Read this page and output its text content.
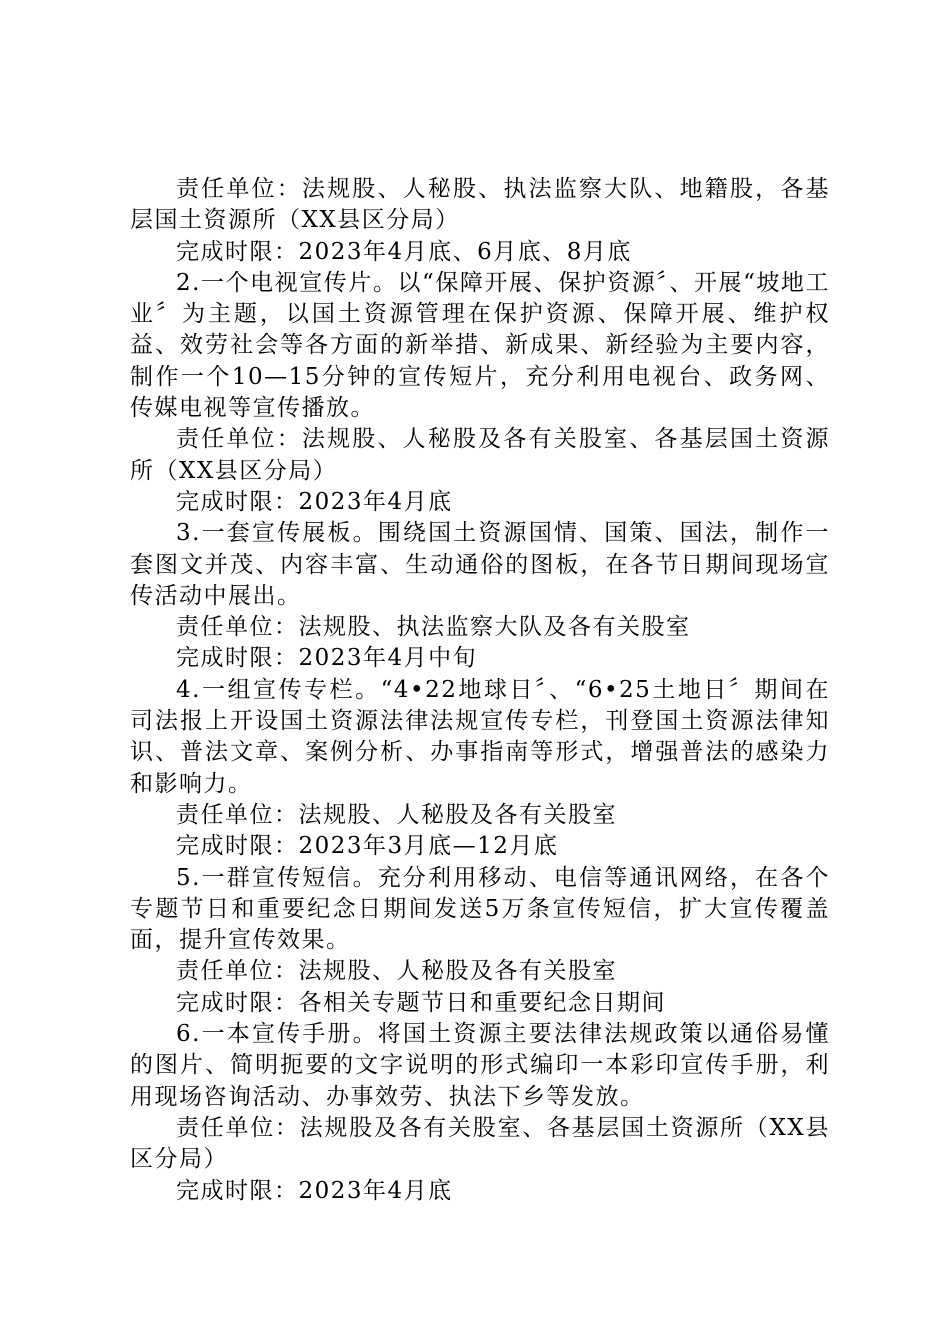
责任单位：法规股、人秘股、执法监察大队、地籍股，各基层国土资源所（XX县区分局）

完成时限：2023年4月底、6月底、8月底

2.一个电视宣传片。以“保障开展、保护资源〞、开展“坡地工业〞为主题，以国土资源管理在保护资源、保障开展、维护权益、效劳社会等各方面的新举措、新成果、新经验为主要内容，制作一个10—15分钟的宣传短片，充分利用电视台、政务网、传媒电视等宣传播放。

责任单位：法规股、人秘股及各有关股室、各基层国土资源所（XX县区分局）

完成时限：2023年4月底

3.一套宣传展板。围绕国土资源国情、国策、国法，制作一套图文并茂、内容丰富、生动通俗的图板，在各节日期间现场宣传活动中展出。

责任单位：法规股、执法监察大队及各有关股室

完成时限：2023年4月中旬

4.一组宣传专栏。“4•22地球日〞、“6•25土地日〞期间在司法报上开设国土资源法律法规宣传专栏，刊登国土资源法律知识、普法文章、案例分析、办事指南等形式，增强普法的感染力和影响力。

责任单位：法规股、人秘股及各有关股室

完成时限：2023年3月底—12月底

5.一群宣传短信。充分利用移动、电信等通讯网络，在各个专题节日和重要纪念日期间发送5万条宣传短信，扩大宣传覆盖面，提升宣传效果。

责任单位：法规股、人秘股及各有关股室

完成时限：各相关专题节日和重要纪念日期间

6.一本宣传手册。将国土资源主要法律法规政策以通俗易懂的图片、简明扼要的文字说明的形式编印一本彩印宣传手册，利用现场咨询活动、办事效劳、执法下乡等发放。

责任单位：法规股及各有关股室、各基层国土资源所（XX县区分局）

完成时限：2023年4月底
